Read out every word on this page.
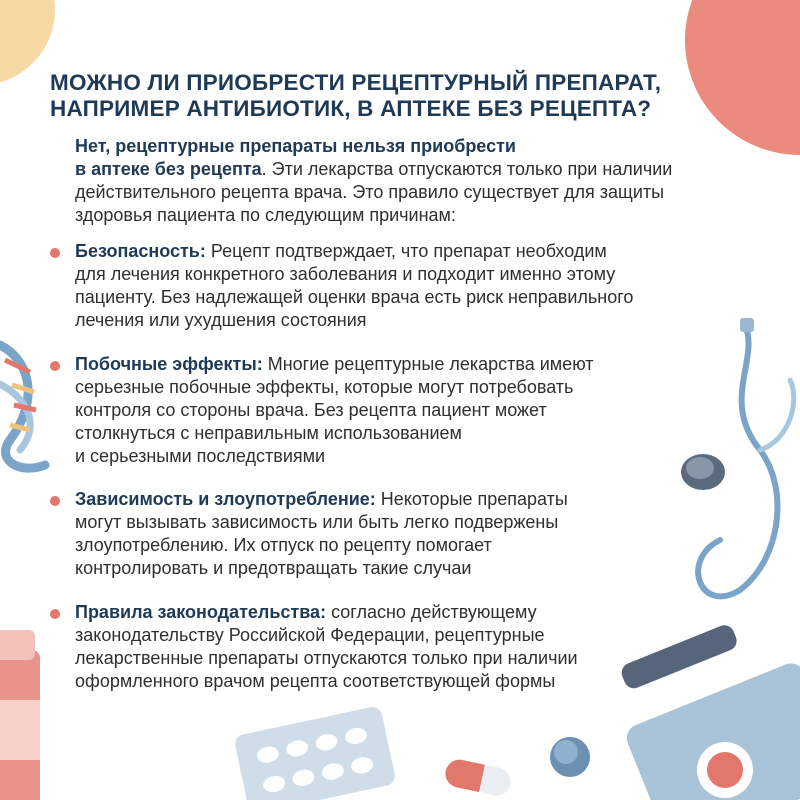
МОЖНО ЛИ ПРИОБРЕСТИ РЕЦЕПТУРНЫЙ ПРЕПАРАТ,
НАПРИМЕР АНТИБИОТИК, В АПТЕКЕ БЕЗ РЕЦЕПТА?
Нет, рецептурные препараты нельзя приобрести
в аптеке без рецепта. Эти лекарства отпускаются только при наличии
действительного рецепта врача. Это правило существует для защиты
здоровья пациента по следующим причинам:
Безопасность: Рецепт подтверждает, что препарат необходим
для лечения конкретного заболевания и подходит именно этому
пациенту. Без надлежащей оценки врача есть риск неправильного
лечения или ухудшения состояния
Побочные эффекты: Многие рецептурные лекарства имеют
серьезные побочные эффекты, которые могут потребовать
контроля со стороны врача. Без рецепта пациент может
столкнуться с неправильным использованием
и серьезными последствиями
Зависимость и злоупотребление: Некоторые препараты
могут вызывать зависимость или быть легко подвержены
злоупотреблению. Их отпуск по рецепту помогает
контролировать и предотвращать такие случаи
Правила законодательства: согласно действующему
законодательству Российской Федерации, рецептурные
лекарственные препараты отпускаются только при наличии
оформленного врачом рецепта соответствующей формы
